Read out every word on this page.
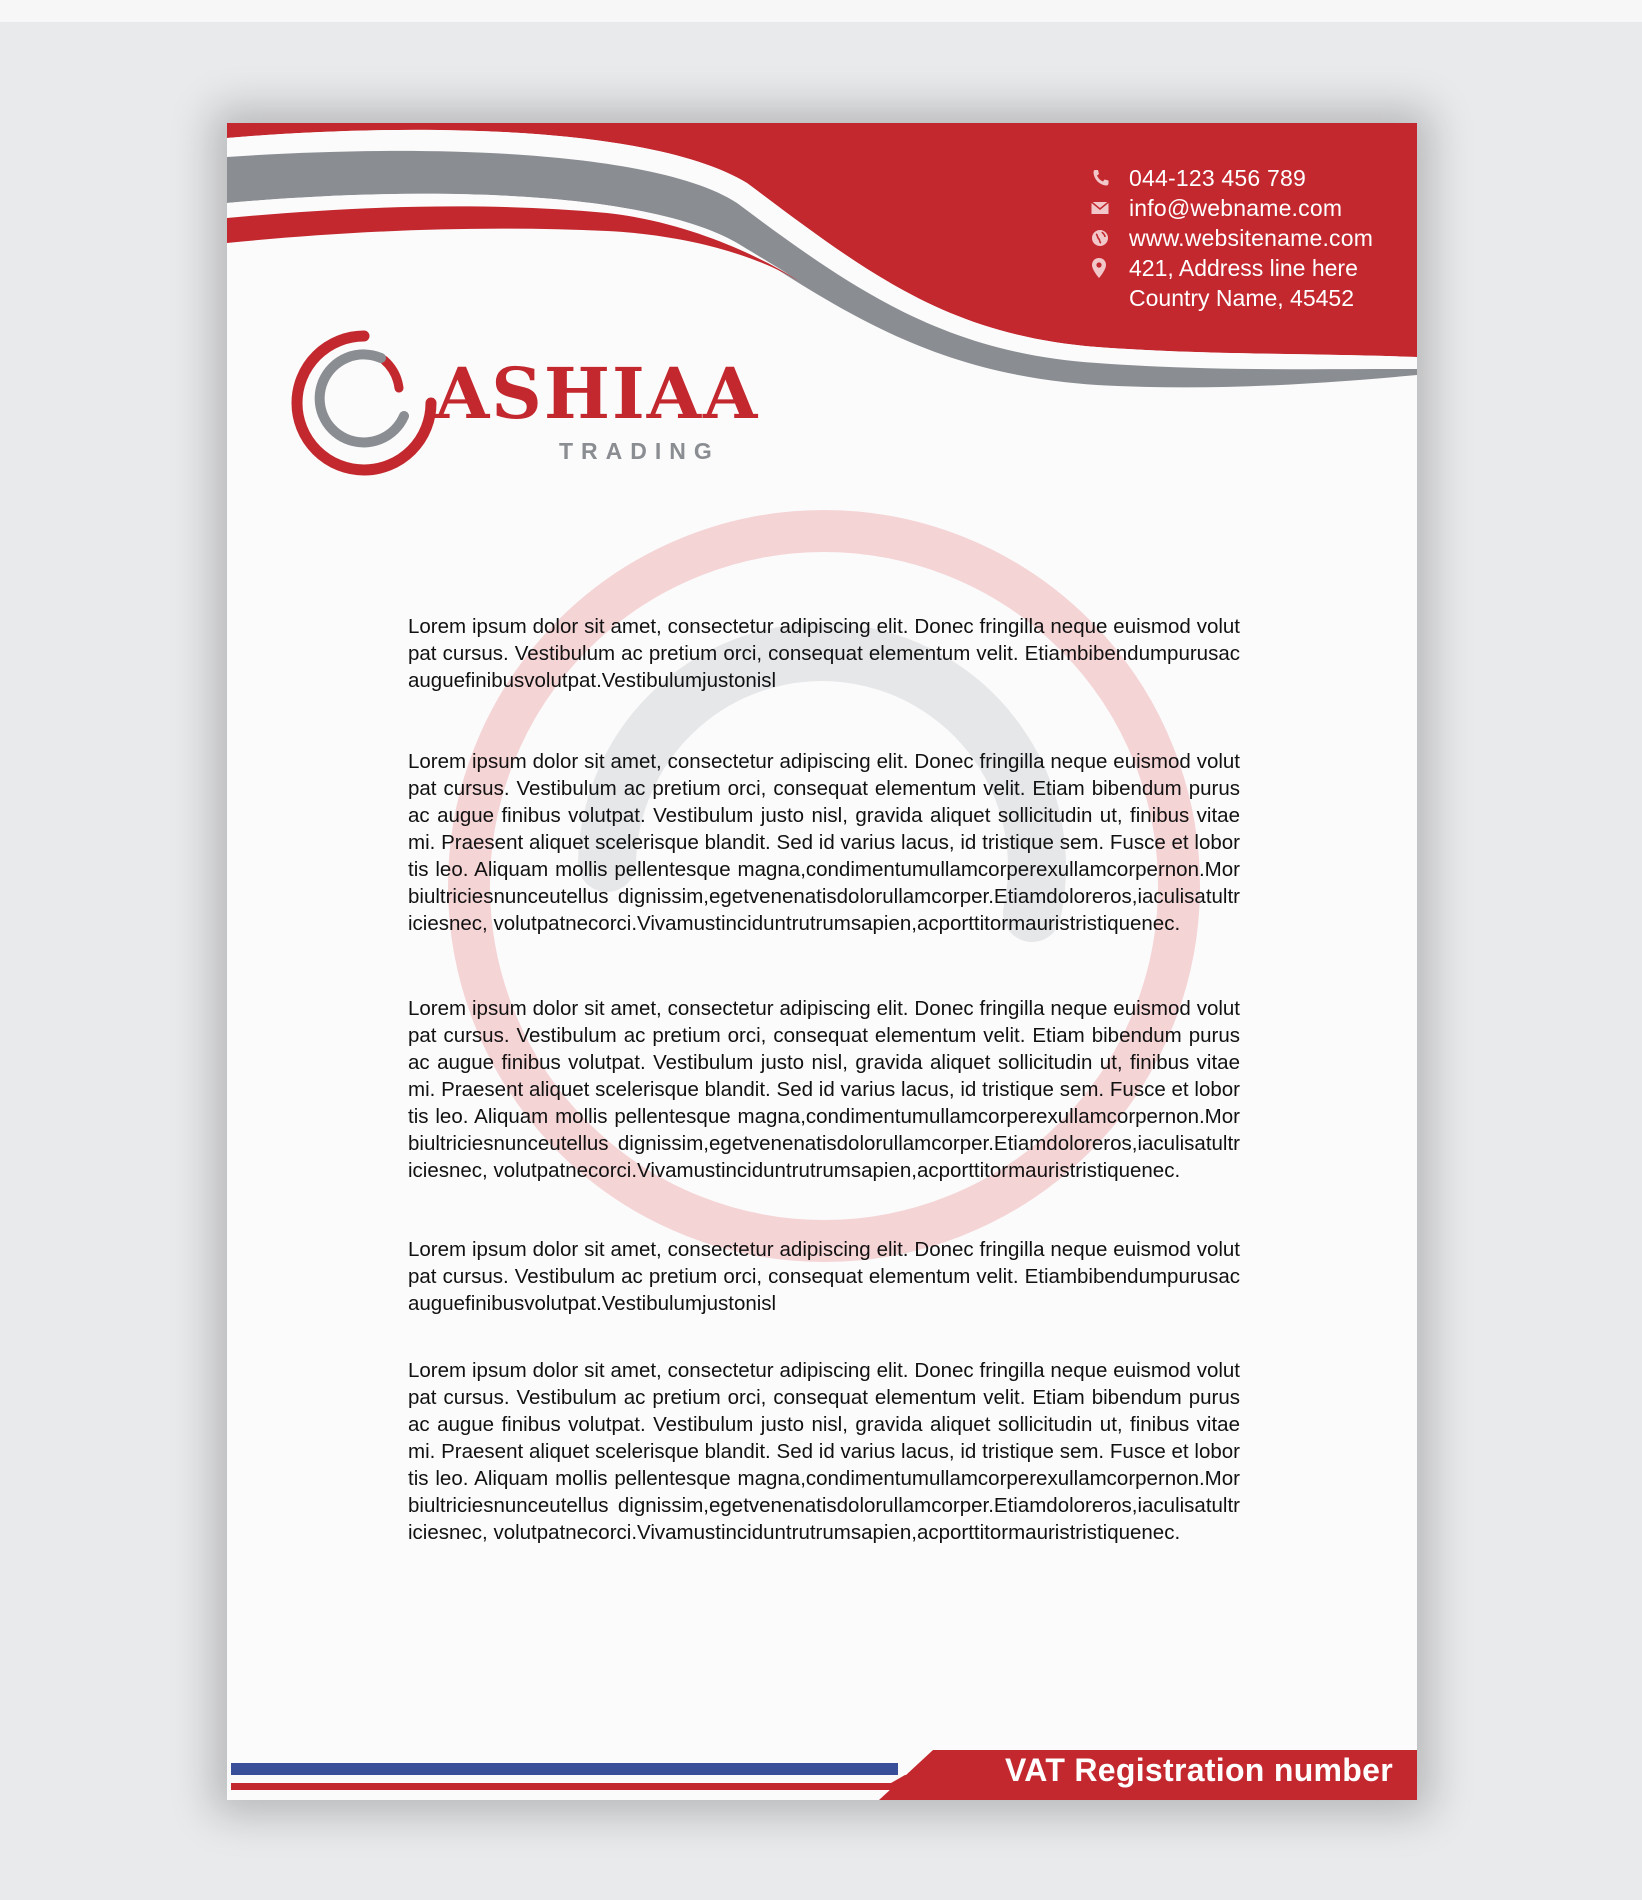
044-123 456 789
info@webname.com
www.websitename.com
421, Address line here
Country Name, 45452
ASHIAA
TRADING

Lorem ipsum dolor sit amet, consectetur adipiscing elit. Donec fringilla neque euismod volutpat cursus. Vestibulum ac pretium orci, consequat elementum velit. Etiambibendumpurusacauguefinibusvolutpat.Vestibulumjustonisl

Lorem ipsum dolor sit amet, consectetur adipiscing elit. Donec fringilla neque euismod volutpat cursus. Vestibulum ac pretium orci, consequat elementum velit. Etiam bibendum purus ac augue finibus volutpat. Vestibulum justo nisl, gravida aliquet sollicitudin ut, finibus vitae mi. Praesent aliquet scelerisque blandit. Sed id varius lacus, id tristique sem. Fusce et lobortis leo. Aliquam mollis pellentesque magna,condimentumullamcorperexullamcorpernon.Morbiultriciesnunceutellus dignissim,egetvenenatisdolorullamcorper.Etiamdoloreros,iaculisatultriciesnec, volutpatnecorci.Vivamustinciduntrutrumsapien,acporttitormauristristiquenec.

Lorem ipsum dolor sit amet, consectetur adipiscing elit. Donec fringilla neque euismod volutpat cursus. Vestibulum ac pretium orci, consequat elementum velit. Etiam bibendum purus ac augue finibus volutpat. Vestibulum justo nisl, gravida aliquet sollicitudin ut, finibus vitae mi. Praesent aliquet scelerisque blandit. Sed id varius lacus, id tristique sem. Fusce et lobortis leo. Aliquam mollis pellentesque magna,condimentumullamcorperexullamcorpernon.Morbiultriciesnunceutellus dignissim,egetvenenatisdolorullamcorper.Etiamdoloreros,iaculisatultriciesnec, volutpatnecorci.Vivamustinciduntrutrumsapien,acporttitormauristristiquenec.

Lorem ipsum dolor sit amet, consectetur adipiscing elit. Donec fringilla neque euismod volutpat cursus. Vestibulum ac pretium orci, consequat elementum velit. Etiambibendumpurusacauguefinibusvolutpat.Vestibulumjustonisl

Lorem ipsum dolor sit amet, consectetur adipiscing elit. Donec fringilla neque euismod volutpat cursus. Vestibulum ac pretium orci, consequat elementum velit. Etiam bibendum purus ac augue finibus volutpat. Vestibulum justo nisl, gravida aliquet sollicitudin ut, finibus vitae mi. Praesent aliquet scelerisque blandit. Sed id varius lacus, id tristique sem. Fusce et lobortis leo. Aliquam mollis pellentesque magna,condimentumullamcorperexullamcorpernon.Morbiultriciesnunceutellus dignissim,egetvenenatisdolorullamcorper.Etiamdoloreros,iaculisatultriciesnec, volutpatnecorci.Vivamustinciduntrutrumsapien,acporttitormauristristiquenec.

VAT Registration number
